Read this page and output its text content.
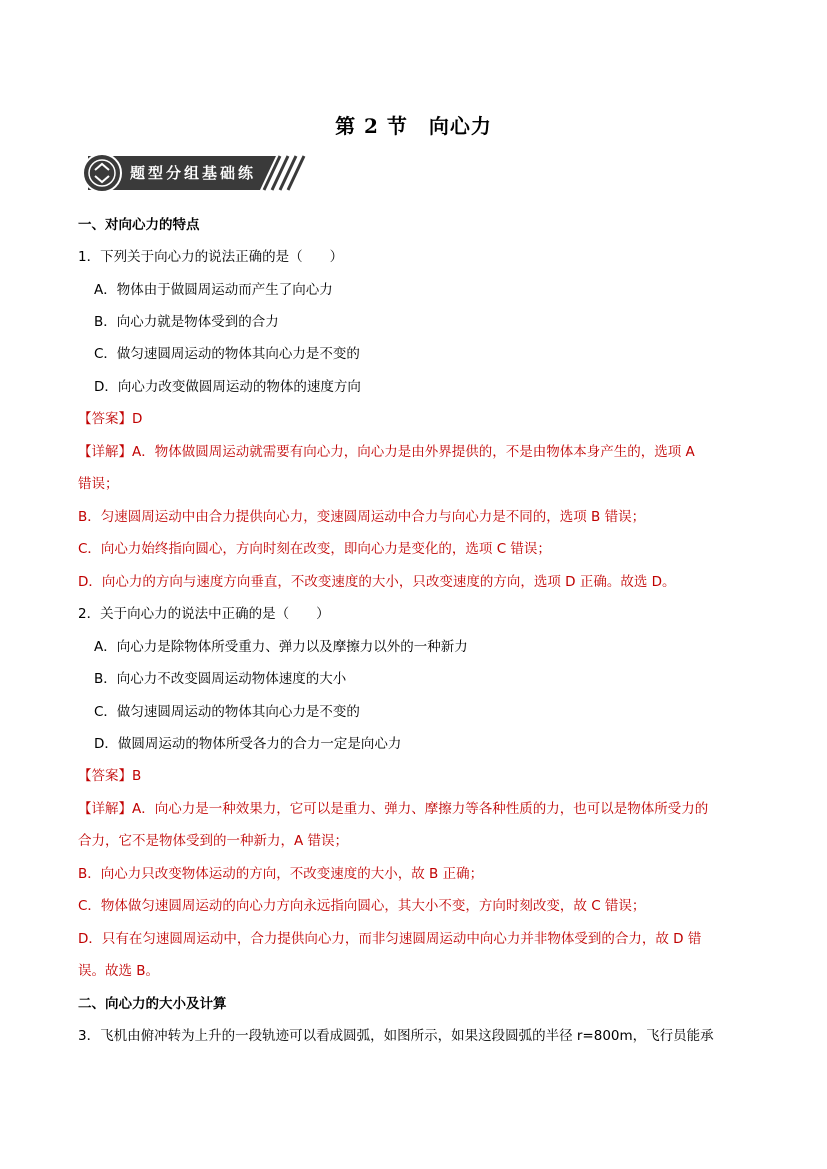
第 2 节　向心力
题型分组基础练
一、对向心力的特点
1．下列关于向心力的说法正确的是（　　）
A．物体由于做圆周运动而产生了向心力
B．向心力就是物体受到的合力
C．做匀速圆周运动的物体其向心力是不变的
D．向心力改变做圆周运动的物体的速度方向
【答案】D
【详解】A．物体做圆周运动就需要有向心力，向心力是由外界提供的，不是由物体本身产生的，选项 A
错误；
B．匀速圆周运动中由合力提供向心力，变速圆周运动中合力与向心力是不同的，选项 B 错误；
C．向心力始终指向圆心，方向时刻在改变，即向心力是变化的，选项 C 错误；
D．向心力的方向与速度方向垂直，不改变速度的大小，只改变速度的方向，选项 D 正确。故选 D。
2．关于向心力的说法中正确的是（　　）
A．向心力是除物体所受重力、弹力以及摩擦力以外的一种新力
B．向心力不改变圆周运动物体速度的大小
C．做匀速圆周运动的物体其向心力是不变的
D．做圆周运动的物体所受各力的合力一定是向心力
【答案】B
【详解】A．向心力是一种效果力，它可以是重力、弹力、摩擦力等各种性质的力，也可以是物体所受力的
合力，它不是物体受到的一种新力，A 错误；
B．向心力只改变物体运动的方向，不改变速度的大小，故 B 正确；
C．物体做匀速圆周运动的向心力方向永远指向圆心，其大小不变，方向时刻改变，故 C 错误；
D．只有在匀速圆周运动中，合力提供向心力，而非匀速圆周运动中向心力并非物体受到的合力，故 D 错
误。故选 B。
二、向心力的大小及计算
3．飞机由俯冲转为上升的一段轨迹可以看成圆弧，如图所示，如果这段圆弧的半径 r=800m，飞行员能承
